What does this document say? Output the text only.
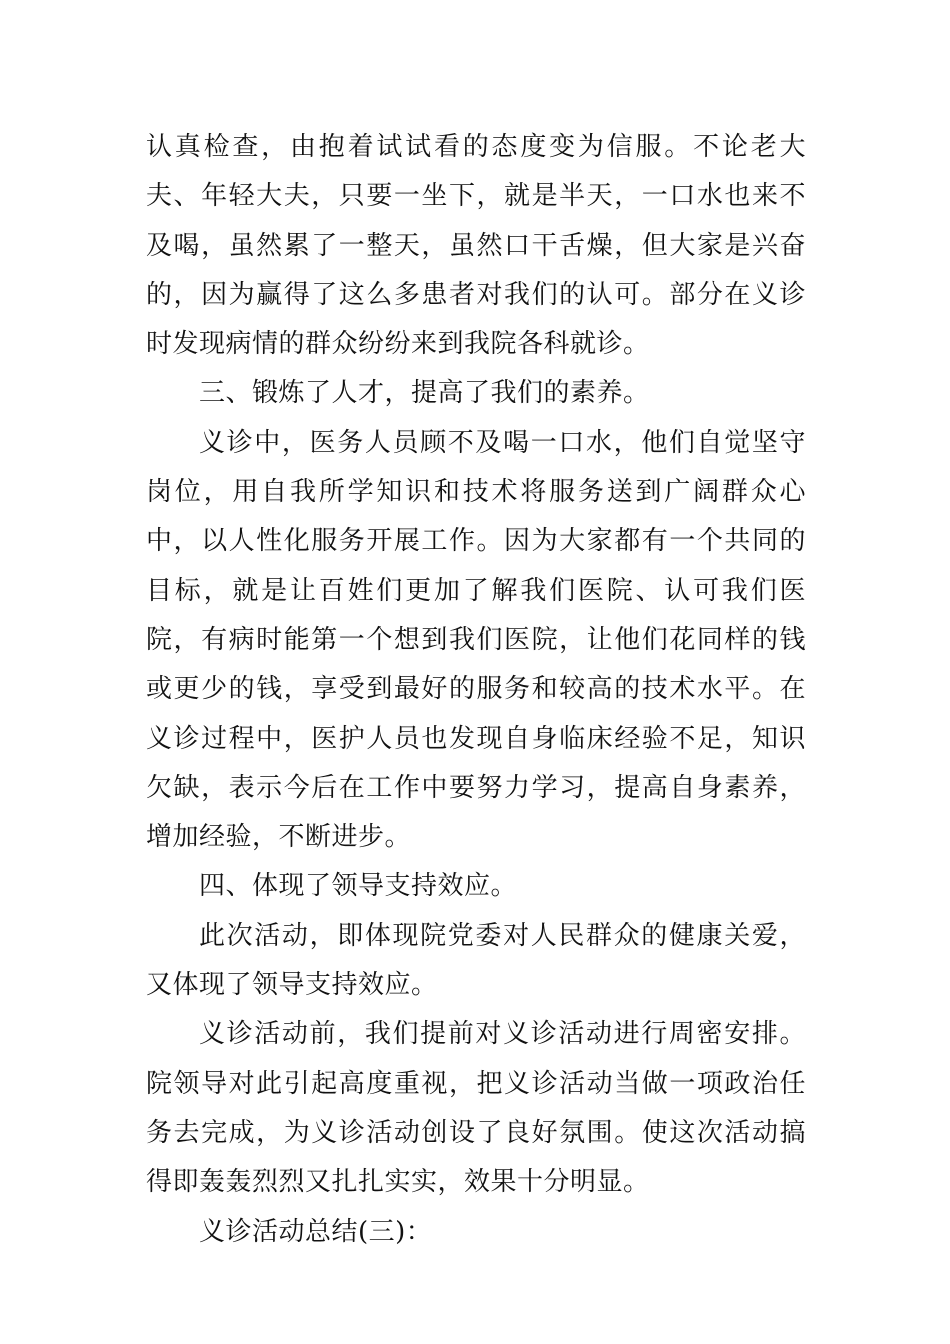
认真检查，由抱着试试看的态度变为信服。不论老大夫、年轻大夫，只要一坐下，就是半天，一口水也来不及喝，虽然累了一整天，虽然口干舌燥，但大家是兴奋的，因为赢得了这么多患者对我们的认可。部分在义诊时发现病情的群众纷纷来到我院各科就诊。

三、锻炼了人才，提高了我们的素养。

义诊中，医务人员顾不及喝一口水，他们自觉坚守岗位，用自我所学知识和技术将服务送到广阔群众心中，以人性化服务开展工作。因为大家都有一个共同的目标，就是让百姓们更加了解我们医院、认可我们医院，有病时能第一个想到我们医院，让他们花同样的钱或更少的钱，享受到最好的服务和较高的技术水平。在义诊过程中，医护人员也发现自身临床经验不足，知识欠缺，表示今后在工作中要努力学习，提高自身素养，增加经验，不断进步。

四、体现了领导支持效应。

此次活动，即体现院党委对人民群众的健康关爱，又体现了领导支持效应。

义诊活动前，我们提前对义诊活动进行周密安排。院领导对此引起高度重视，把义诊活动当做一项政治任务去完成，为义诊活动创设了良好氛围。使这次活动搞得即轰轰烈烈又扎扎实实，效果十分明显。

义诊活动总结(三)：
